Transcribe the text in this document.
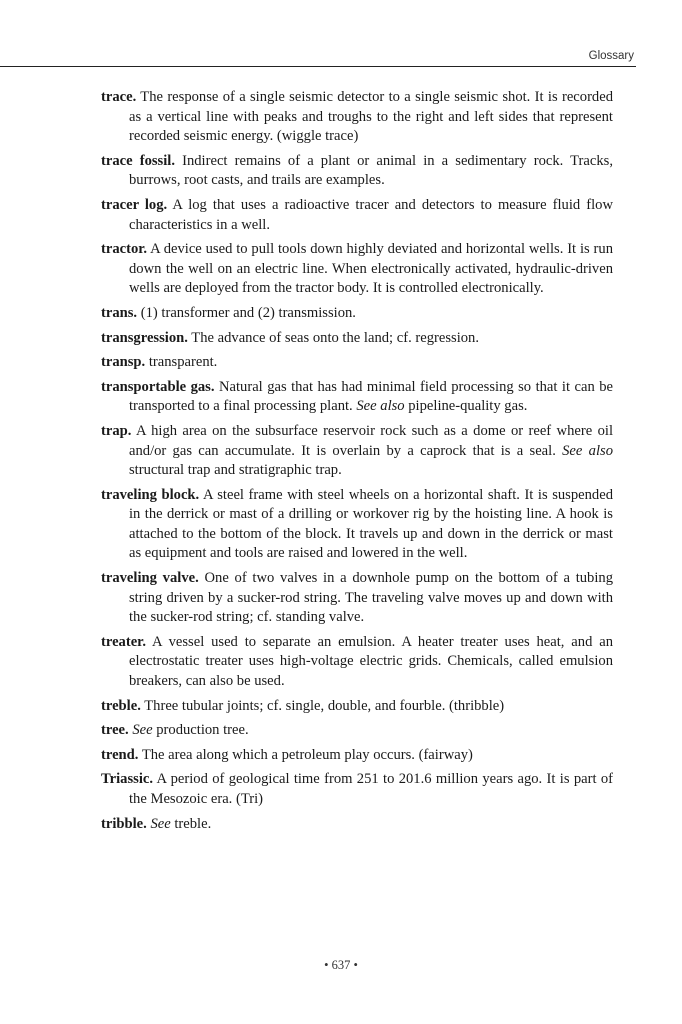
Glossary

trace. The response of a single seismic detector to a single seismic shot. It is recorded as a vertical line with peaks and troughs to the right and left sides that represent recorded seismic energy. (wiggle trace)

trace fossil. Indirect remains of a plant or animal in a sedimentary rock. Tracks, burrows, root casts, and trails are examples.

tracer log. A log that uses a radioactive tracer and detectors to measure fluid flow characteristics in a well.

tractor. A device used to pull tools down highly deviated and horizontal wells. It is run down the well on an electric line. When electronically activated, hydraulic-driven wells are deployed from the tractor body. It is controlled electronically.

trans. (1) transformer and (2) transmission.

transgression. The advance of seas onto the land; cf. regression.

transp. transparent.

transportable gas. Natural gas that has had minimal field processing so that it can be transported to a final processing plant. See also pipeline-quality gas.

trap. A high area on the subsurface reservoir rock such as a dome or reef where oil and/or gas can accumulate. It is overlain by a caprock that is a seal. See also structural trap and stratigraphic trap.

traveling block. A steel frame with steel wheels on a horizontal shaft. It is suspended in the derrick or mast of a drilling or workover rig by the hoisting line. A hook is attached to the bottom of the block. It travels up and down in the derrick or mast as equipment and tools are raised and lowered in the well.

traveling valve. One of two valves in a downhole pump on the bottom of a tubing string driven by a sucker-rod string. The traveling valve moves up and down with the sucker-rod string; cf. standing valve.

treater. A vessel used to separate an emulsion. A heater treater uses heat, and an electrostatic treater uses high-voltage electric grids. Chemicals, called emulsion breakers, can also be used.

treble. Three tubular joints; cf. single, double, and fourble. (thribble)

tree. See production tree.

trend. The area along which a petroleum play occurs. (fairway)

Triassic. A period of geological time from 251 to 201.6 million years ago. It is part of the Mesozoic era. (Tri)

tribble. See treble.

• 637 •
